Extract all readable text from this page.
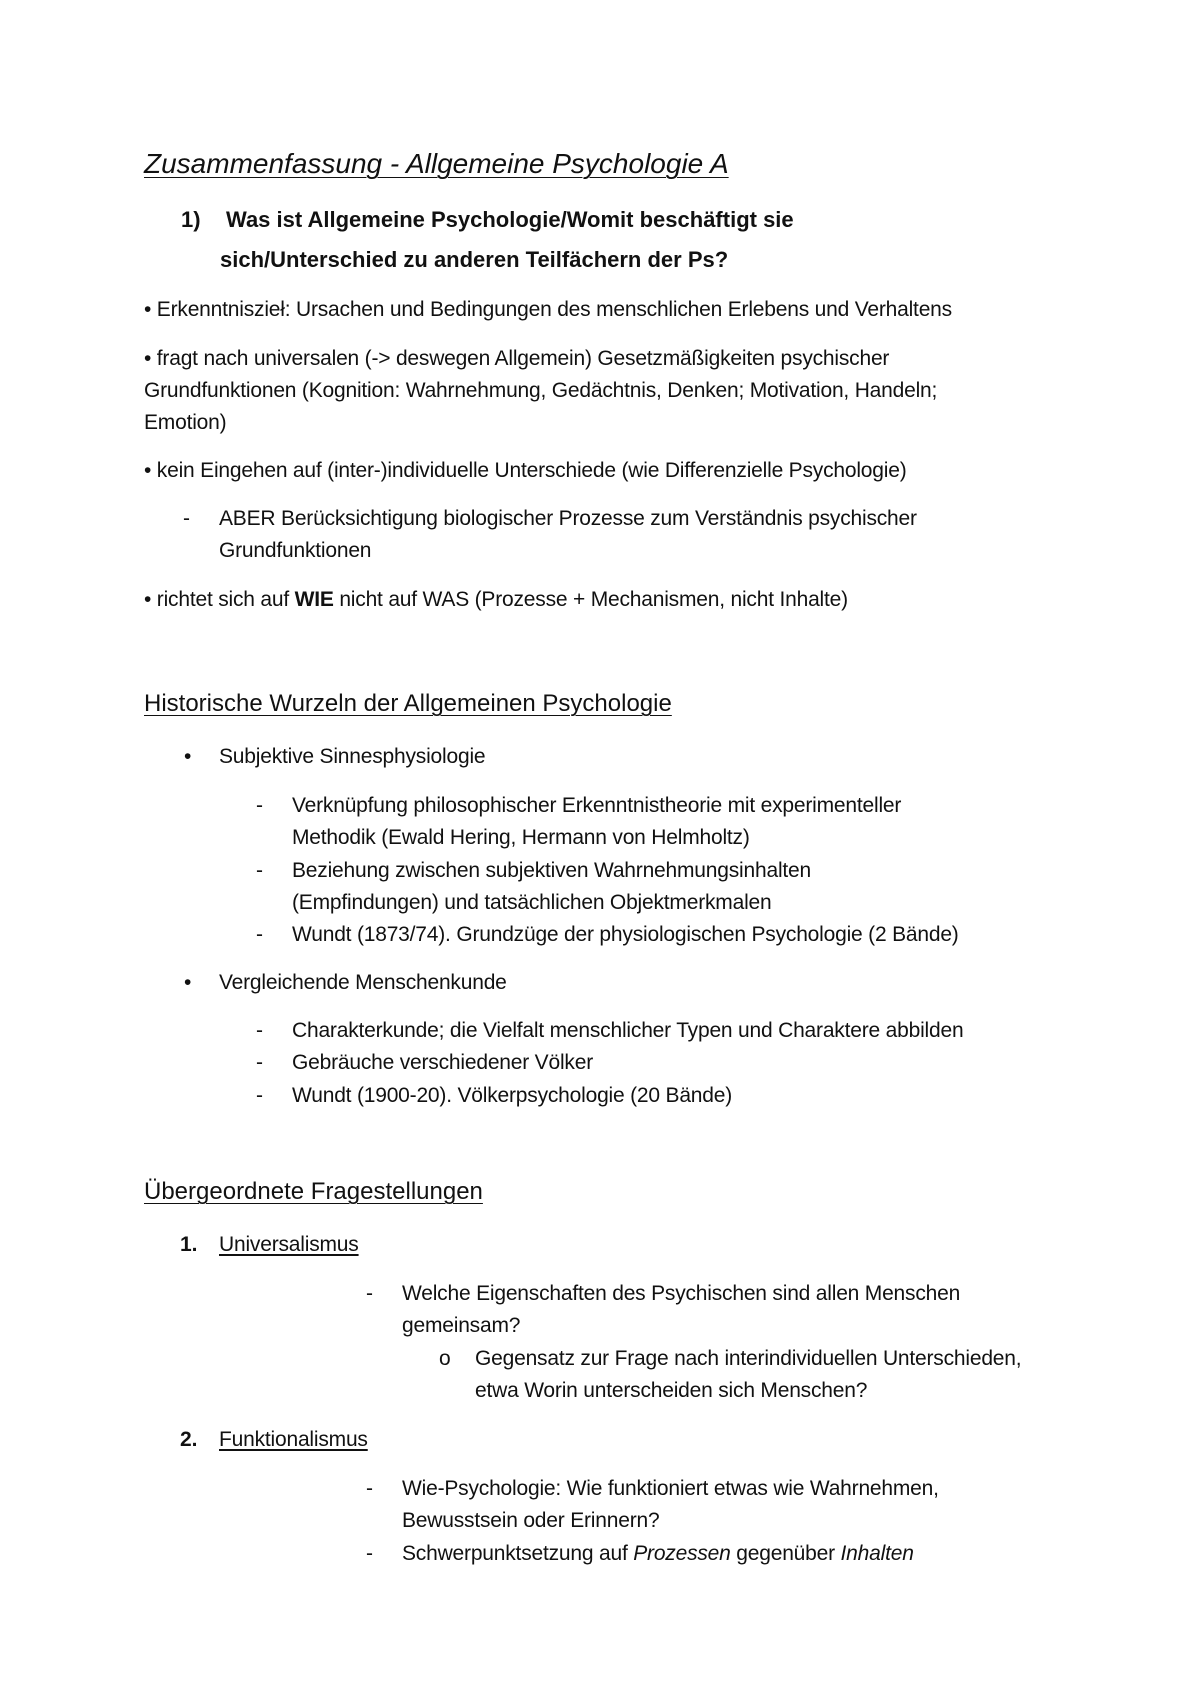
Zusammenfassung - Allgemeine Psychologie A
1) Was ist Allgemeine Psychologie/Womit beschäftigt sie
sich/Unterschied zu anderen Teilfächern der Ps?
• Erkenntniszieł: Ursachen und Bedingungen des menschlichen Erlebens und Verhaltens
• fragt nach universalen (-> deswegen Allgemein) Gesetzmäßigkeiten psychischer
Grundfunktionen (Kognition: Wahrnehmung, Gedächtnis, Denken; Motivation, Handeln;
Emotion)
• kein Eingehen auf (inter-)individuelle Unterschiede (wie Differenzielle Psychologie)
- ABER Berücksichtigung biologischer Prozesse zum Verständnis psychischer
Grundfunktionen
• richtet sich auf WIE nicht auf WAS (Prozesse + Mechanismen, nicht Inhalte)
Historische Wurzeln der Allgemeinen Psychologie
• Subjektive Sinnesphysiologie
- Verknüpfung philosophischer Erkenntnistheorie mit experimenteller
Methodik (Ewald Hering, Hermann von Helmholtz)
- Beziehung zwischen subjektiven Wahrnehmungsinhalten
(Empfindungen) und tatsächlichen Objektmerkmalen
- Wundt (1873/74). Grundzüge der physiologischen Psychologie (2 Bände)
• Vergleichende Menschenkunde
- Charakterkunde; die Vielfalt menschlicher Typen und Charaktere abbilden
- Gebräuche verschiedener Völker
- Wundt (1900-20). Völkerpsychologie (20 Bände)
Übergeordnete Fragestellungen
1. Universalismus
- Welche Eigenschaften des Psychischen sind allen Menschen
gemeinsam?
o Gegensatz zur Frage nach interindividuellen Unterschieden,
etwa Worin unterscheiden sich Menschen?
2. Funktionalismus
- Wie-Psychologie: Wie funktioniert etwas wie Wahrnehmen,
Bewusstsein oder Erinnern?
- Schwerpunktsetzung auf Prozessen gegenüber Inhalten
